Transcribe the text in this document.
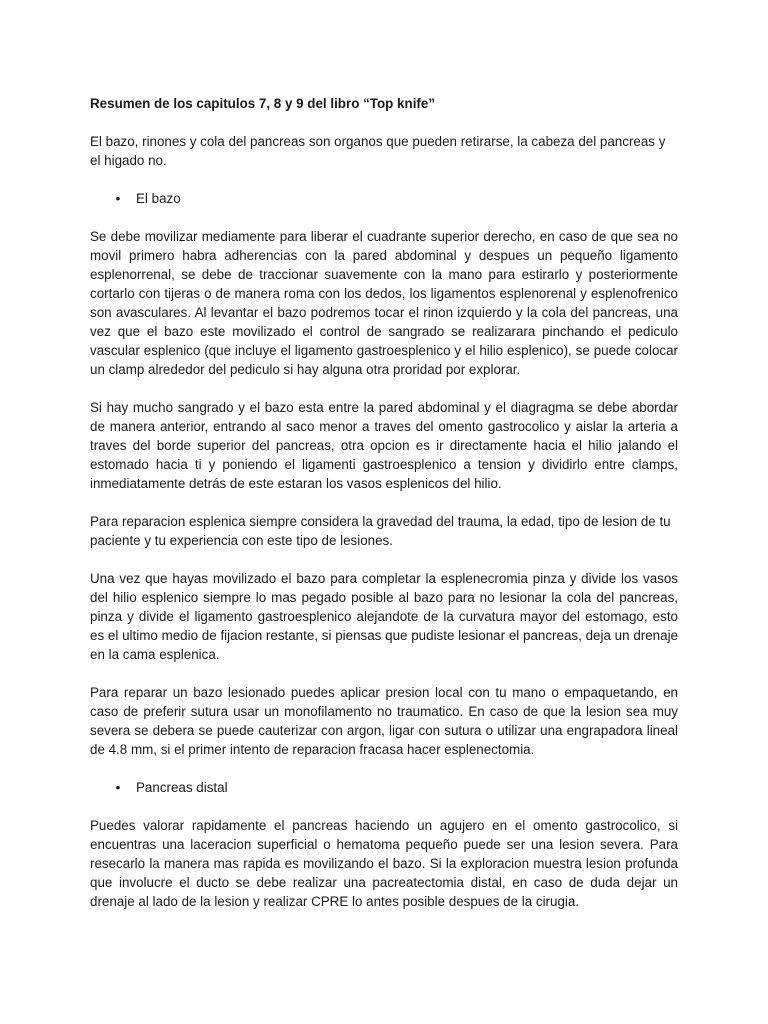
Resumen de los capitulos 7, 8 y 9 del libro “Top knife”

El bazo, rinones y cola del pancreas son organos que pueden retirarse, la cabeza del pancreas y el higado no.

• El bazo

Se debe movilizar mediamente para liberar el cuadrante superior derecho, en caso de que sea no movil primero habra adherencias con la pared abdominal y despues un pequeño ligamento esplenorrenal, se debe de traccionar suavemente con la mano para estirarlo y posteriormente cortarlo con tijeras o de manera roma con los dedos, los ligamentos esplenorenal y esplenofrenico son avasculares. Al levantar el bazo podremos tocar el rinon izquierdo y la cola del pancreas, una vez que el bazo este movilizado el control de sangrado se realizarara pinchando el pediculo vascular esplenico (que incluye el ligamento gastroesplenico y el hilio esplenico), se puede colocar un clamp alrededor del pediculo si hay alguna otra proridad por explorar.

Si hay mucho sangrado y el bazo esta entre la pared abdominal y el diagragma se debe abordar de manera anterior, entrando al saco menor a traves del omento gastrocolico y aislar la arteria a traves del borde superior del pancreas, otra opcion es ir directamente hacia el hilio jalando el estomado hacia ti y poniendo el ligamenti gastroesplenico a tension y dividirlo entre clamps, inmediatamente detrás de este estaran los vasos esplenicos del hilio.

Para reparacion esplenica siempre considera la gravedad del trauma, la edad, tipo de lesion de tu paciente y tu experiencia con este tipo de lesiones.

Una vez que hayas movilizado el bazo para completar la esplenecromia pinza y divide los vasos del hilio esplenico siempre lo mas pegado posible al bazo para no lesionar la cola del pancreas, pinza y divide el ligamento gastroesplenico alejandote de la curvatura mayor del estomago, esto es el ultimo medio de fijacion restante, si piensas que pudiste lesionar el pancreas, deja un drenaje en la cama esplenica.

Para reparar un bazo lesionado puedes aplicar presion local con tu mano o empaquetando, en caso de preferir sutura usar un monofilamento no traumatico. En caso de que la lesion sea muy severa se debera se puede cauterizar con argon, ligar con sutura o utilizar una engrapadora lineal de 4.8 mm, si el primer intento de reparacion fracasa hacer esplenectomia.

• Pancreas distal

Puedes valorar rapidamente el pancreas haciendo un agujero en el omento gastrocolico, si encuentras una laceracion superficial o hematoma pequeño puede ser una lesion severa. Para resecarlo la manera mas rapida es movilizando el bazo. Si la exploracion muestra lesion profunda que involucre el ducto se debe realizar una pacreatectomia distal, en caso de duda dejar un drenaje al lado de la lesion y realizar CPRE lo antes posible despues de la cirugia.
